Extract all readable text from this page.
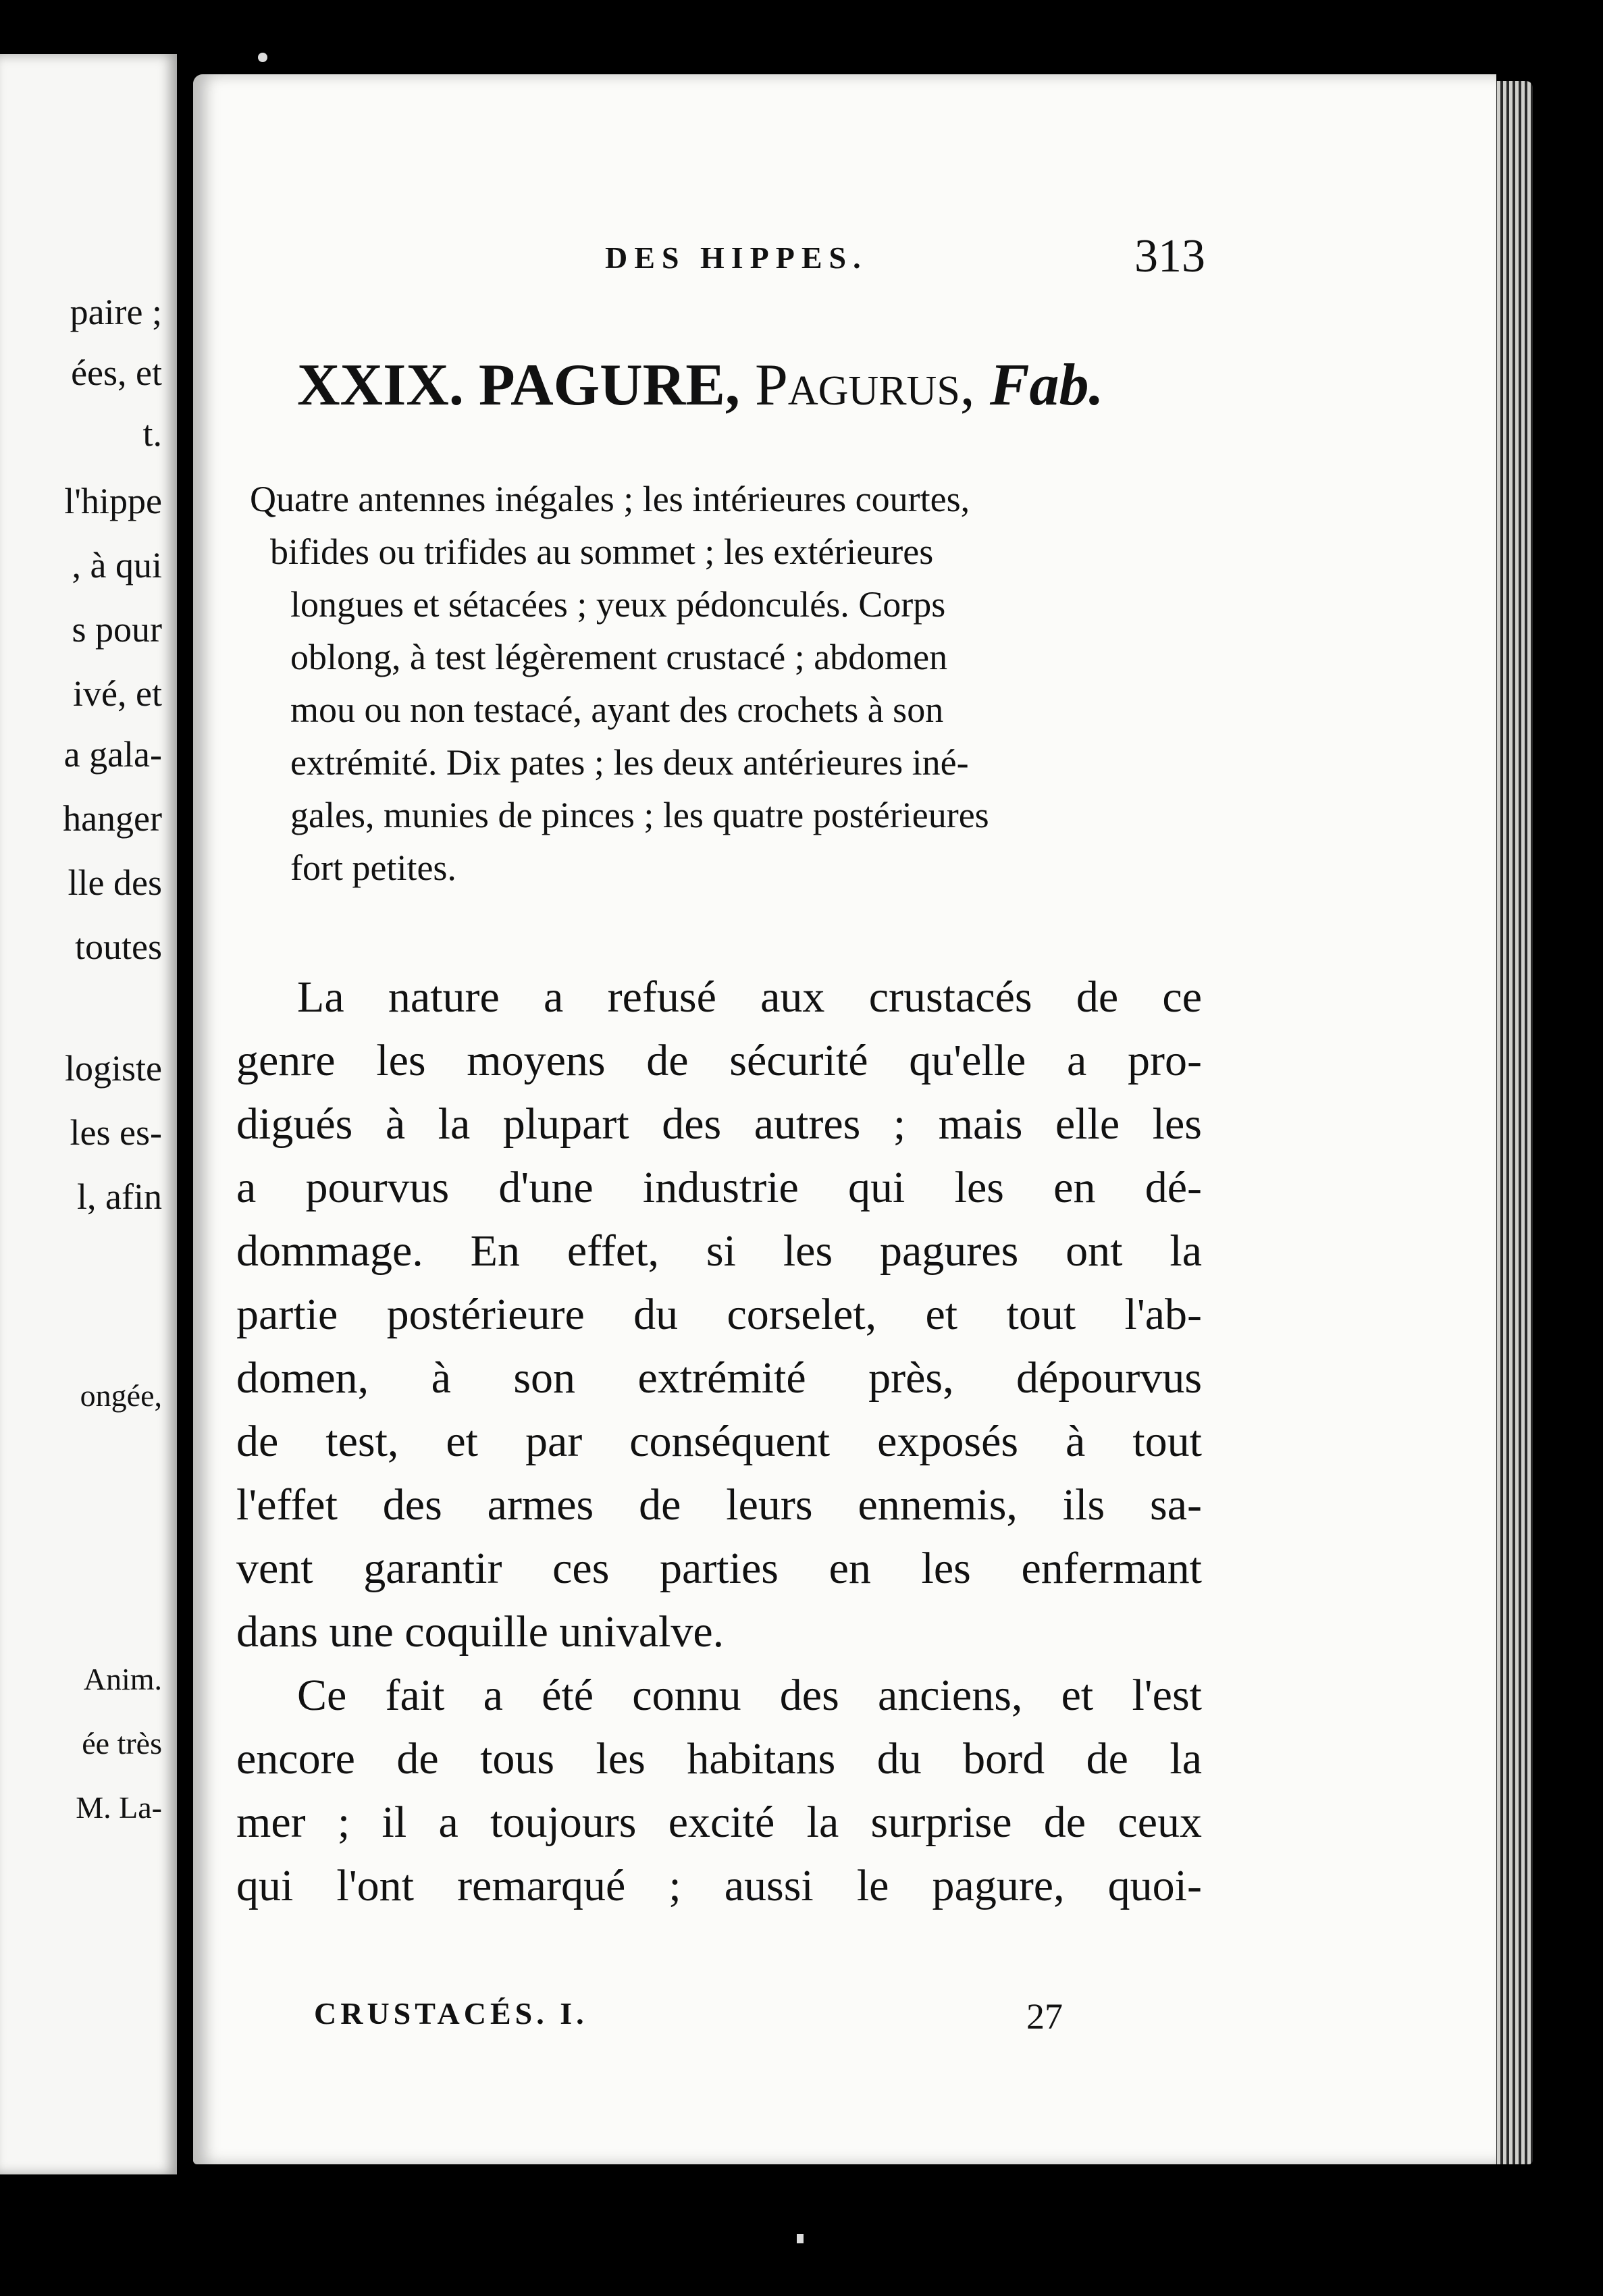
paire ;
ées, et
t.
l'hippe
, à qui
s pour
ivé, et
a gala-
hanger
lle des
toutes
logiste
les es-
l, afin
ongée,
Anim.
ée très
M. La-
DES HIPPES.	313
XXIX. PAGURE, Pagurus, Fab.
Quatre antennes inégales ; les intérieures courtes,
bifides ou trifides au sommet ; les extérieures
longues et sétacées ; yeux pédonculés. Corps
oblong, à test légèrement crustacé ; abdomen
mou ou non testacé, ayant des crochets à son
extrémité. Dix pates ; les deux antérieures iné-
gales, munies de pinces ; les quatre postérieures
fort petites.
La nature a refusé aux crustacés de ce
genre les moyens de sécurité qu'elle a pro-
digués à la plupart des autres ; mais elle les
a pourvus d'une industrie qui les en dé-
dommage. En effet, si les pagures ont la
partie postérieure du corselet, et tout l'ab-
domen, à son extrémité près, dépourvus
de test, et par conséquent exposés à tout
l'effet des armes de leurs ennemis, ils sa-
vent garantir ces parties en les enfermant
dans une coquille univalve.
Ce fait a été connu des anciens, et l'est
encore de tous les habitans du bord de la
mer ; il a toujours excité la surprise de ceux
qui l'ont remarqué ; aussi le pagure, quoi-
CRUSTACÉS. I.	27
